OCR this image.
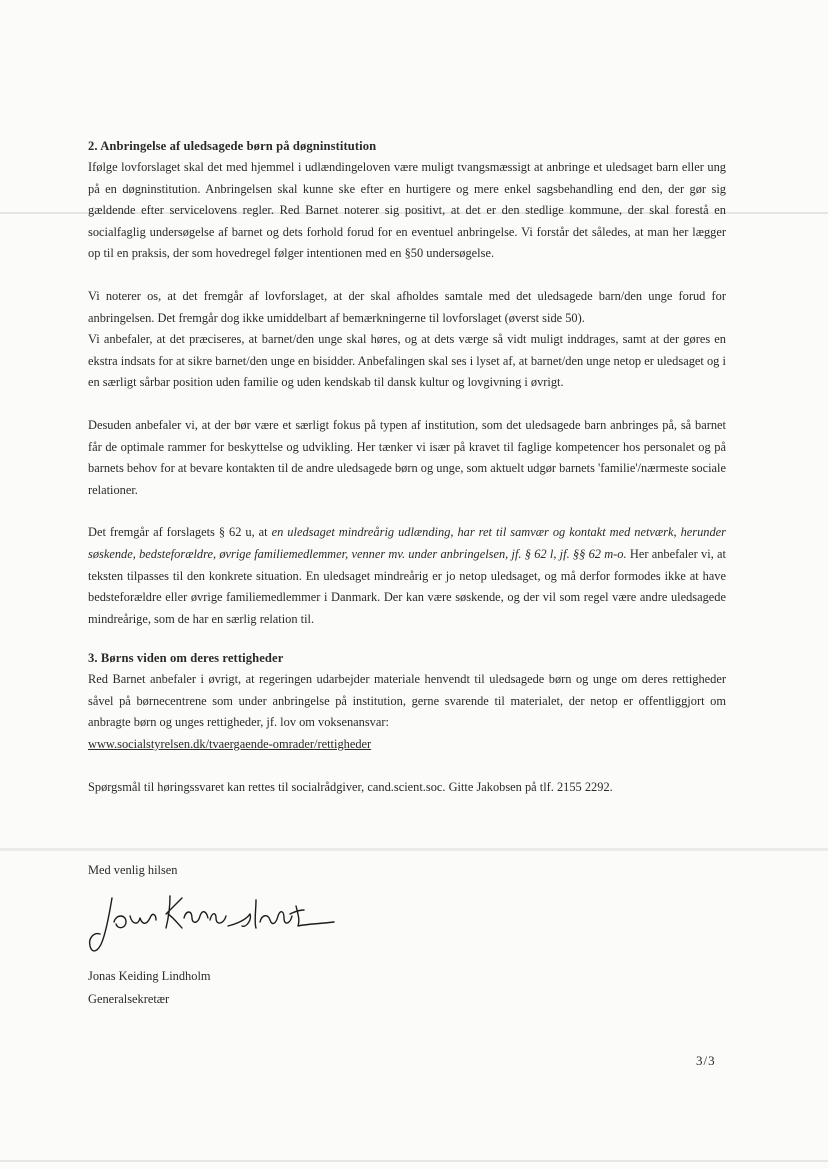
2. Anbringelse af uledsagede børn på døgninstitution

Ifølge lovforslaget skal det med hjemmel i udlændingeloven være muligt tvangsmæssigt at anbringe et uledsaget barn eller ung på en døgninstitution. Anbringelsen skal kunne ske efter en hurtigere og mere enkel sagsbehandling end den, der gør sig gældende efter servicelovens regler. Red Barnet noterer sig positivt, at det er den stedlige kommune, der skal forestå en socialfaglig undersøgelse af barnet og dets forhold forud for en eventuel anbringelse. Vi forstår det således, at man her lægger op til en praksis, der som hovedregel følger intentionen med en §50 undersøgelse.

Vi noterer os, at det fremgår af lovforslaget, at der skal afholdes samtale med det uledsagede barn/den unge forud for anbringelsen. Det fremgår dog ikke umiddelbart af bemærkningerne til lovforslaget (øverst side 50).

Vi anbefaler, at det præciseres, at barnet/den unge skal høres, og at dets værge så vidt muligt inddrages, samt at der gøres en ekstra indsats for at sikre barnet/den unge en bisidder. Anbefalingen skal ses i lyset af, at barnet/den unge netop er uledsaget og i en særligt sårbar position uden familie og uden kendskab til dansk kultur og lovgivning i øvrigt.

Desuden anbefaler vi, at der bør være et særligt fokus på typen af institution, som det uledsagede barn anbringes på, så barnet får de optimale rammer for beskyttelse og udvikling. Her tænker vi især på kravet til faglige kompetencer hos personalet og på barnets behov for at bevare kontakten til de andre uledsagede børn og unge, som aktuelt udgør barnets 'familie'/nærmeste sociale relationer.

Det fremgår af forslagets § 62 u, at en uledsaget mindreårig udlænding, har ret til samvær og kontakt med netværk, herunder søskende, bedsteforældre, øvrige familiemedlemmer, venner mv. under anbringelsen, jf. § 62 l, jf. §§ 62 m-o. Her anbefaler vi, at teksten tilpasses til den konkrete situation. En uledsaget mindreårig er jo netop uledsaget, og må derfor formodes ikke at have bedsteforældre eller øvrige familiemedlemmer i Danmark. Der kan være søskende, og der vil som regel være andre uledsagede mindreårige, som de har en særlig relation til.

3. Børns viden om deres rettigheder

Red Barnet anbefaler i øvrigt, at regeringen udarbejder materiale henvendt til uledsagede børn og unge om deres rettigheder såvel på børnecentrene som under anbringelse på institution, gerne svarende til materialet, der netop er offentliggjort om anbragte børn og unges rettigheder, jf. lov om voksenansvar:

www.socialstyrelsen.dk/tvaergaende-omrader/rettigheder

Spørgsmål til høringssvaret kan rettes til socialrådgiver, cand.scient.soc. Gitte Jakobsen på tlf. 2155 2292.

Med venlig hilsen
Jonas Keiding Lindholm
Generalsekretær
3/3
